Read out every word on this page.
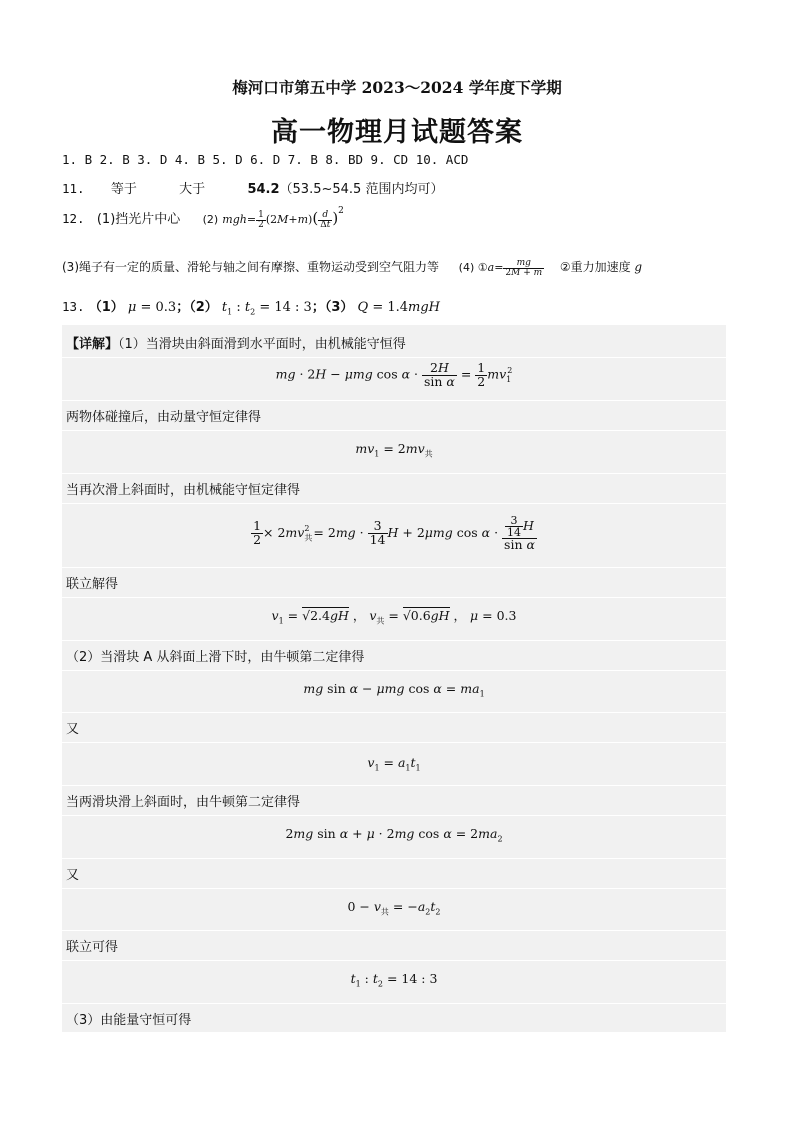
梅河口市第五中学 2023～2024 学年度下学期
高一物理月试题答案
1. B 2. B 3. D 4. B 5. D 6. D 7. B 8. BD 9. CD 10. ACD
11. 等于	大于	54.2（53.5~54.5 范围内均可）
12. (1)挡光片中心 (2) $mgh= \frac{1}{2} (2M+m)( \frac{d}{\Delta t} )^2$
(3)绳子有一定的质量、滑轮与轴之间有摩擦、重物运动受到空气阻力等 (4) ①a= $\frac{mg}{2M + m}$ ②重力加速度 g
13. （1） μ = 0.3；（2） $t_1$ : $t_2 = 14$ : 3；（3） Q = 1.4mgH
【详解】（1）当滑块由斜面滑到水平面时，由机械能守恒得
mg · 2H − μmg $\cos \alpha \cdot \frac{2H}{\text{sin α}} = \frac{1}{2} mv_1^2$
两物体碰撞后，由动量守恒定律得
$mv_1 = 2mv_共$
当再次滑上斜面时，由机械能守恒定律得
$\frac{1}{2} \times 2mv_共^2 = 2mg \cdot \frac{3}{14}$ H + 2μmg $\cos \alpha \cdot \frac{\frac{3}{14} H}{\text{sin α}}$
联立解得
$v_1 = √2.4gH$ ， $v_共 = √0.6gH$ ， μ = 0.3
（2）当滑块 A 从斜面上滑下时，由牛顿第二定律得
mg sin α − μmg $\cos \alpha = ma_1$
又
$v_1 = a_1t_1$
当两滑块滑上斜面时，由牛顿第二定律得
2mg sin α + μ · 2mg $\cos \alpha = 2ma_2$
又
$0 - v_共 = -a_2t_2$
联立可得
$t_1$ : $t_2 = 14$ : 3
（3）由能量守恒可得
